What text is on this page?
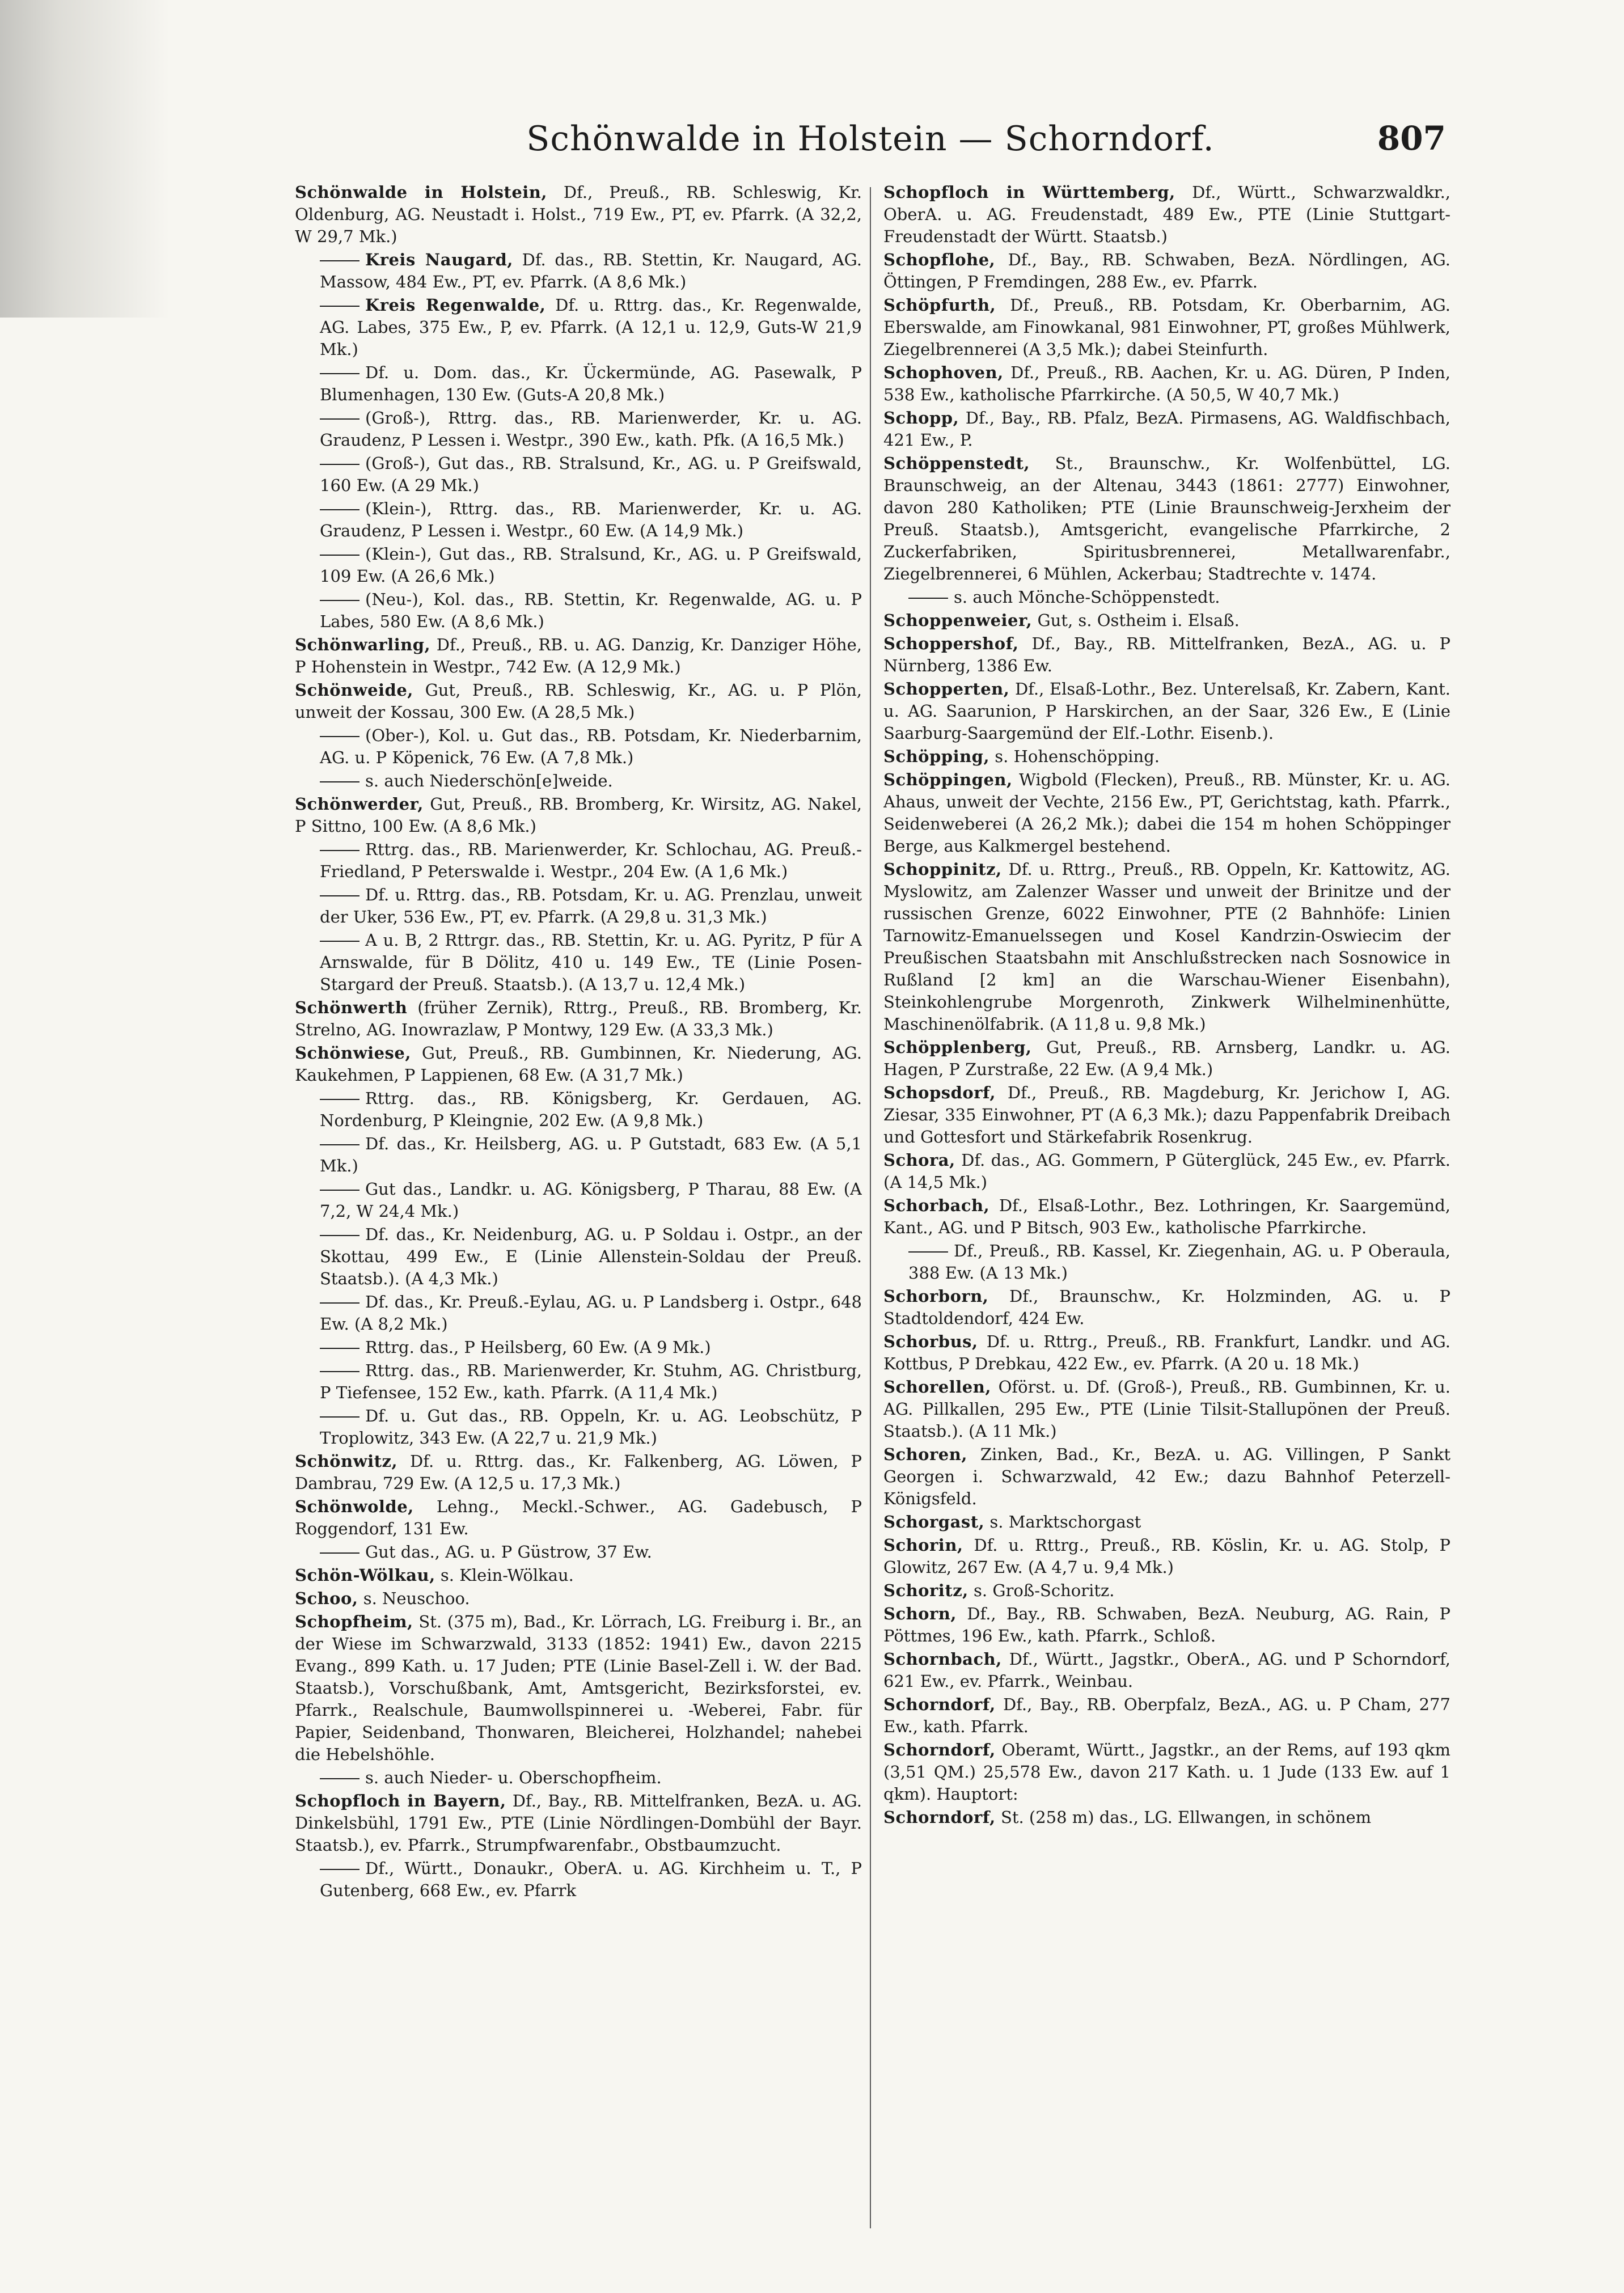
Schönwalde in Holstein — Schorndorf.	807

Schönwalde in Holstein, Df., Preuß., RB. Schleswig, Kr. Oldenburg, AG. Neustadt i. Holst., 719 Ew., PT, ev. Pfarrk. (A 32,2, W 29,7 Mk.)

Kreis Naugard, Df. das., RB. Stettin, Kr. Naugard, AG. Massow, 484 Ew., PT, ev. Pfarrk. (A 8,6 Mk.)

Kreis Regenwalde, Df. u. Rttrg. das., Kr. Regenwalde, AG. Labes, 375 Ew., P, ev. Pfarrk. (A 12,1 u. 12,9, Guts-W 21,9 Mk.)

Df. u. Dom. das., Kr. Ückermünde, AG. Pasewalk, P Blumenhagen, 130 Ew. (Guts-A 20,8 Mk.)

(Groß-), Rttrg. das., RB. Marienwerder, Kr. u. AG. Graudenz, P Lessen i. Westpr., 390 Ew., kath. Pfk. (A 16,5 Mk.)

(Groß-), Gut das., RB. Stralsund, Kr., AG. u. P Greifswald, 160 Ew. (A 29 Mk.)

(Klein-), Rttrg. das., RB. Marienwerder, Kr. u. AG. Graudenz, P Lessen i. Westpr., 60 Ew. (A 14,9 Mk.)

(Klein-), Gut das., RB. Stralsund, Kr., AG. u. P Greifswald, 109 Ew. (A 26,6 Mk.)

(Neu-), Kol. das., RB. Stettin, Kr. Regenwalde, AG. u. P Labes, 580 Ew. (A 8,6 Mk.)

Schönwarling, Df., Preuß., RB. u. AG. Danzig, Kr. Danziger Höhe, P Hohenstein in Westpr., 742 Ew. (A 12,9 Mk.)

Schönweide, Gut, Preuß., RB. Schleswig, Kr., AG. u. P Plön, unweit der Kossau, 300 Ew. (A 28,5 Mk.)

(Ober-), Kol. u. Gut das., RB. Potsdam, Kr. Niederbarnim, AG. u. P Köpenick, 76 Ew. (A 7,8 Mk.)

s. auch Niederschön[e]weide.

Schönwerder, Gut, Preuß., RB. Bromberg, Kr. Wirsitz, AG. Nakel, P Sittno, 100 Ew. (A 8,6 Mk.)

Rttrg. das., RB. Marienwerder, Kr. Schlochau, AG. Preuß.-Friedland, P Peterswalde i. Westpr., 204 Ew. (A 1,6 Mk.)

Df. u. Rttrg. das., RB. Potsdam, Kr. u. AG. Prenzlau, unweit der Uker, 536 Ew., PT, ev. Pfarrk. (A 29,8 u. 31,3 Mk.)

A u. B, 2 Rttrgr. das., RB. Stettin, Kr. u. AG. Pyritz, P für A Arnswalde, für B Dölitz, 410 u. 149 Ew., TE (Linie Posen-Stargard der Preuß. Staatsb.). (A 13,7 u. 12,4 Mk.)

Schönwerth (früher Zernik), Rttrg., Preuß., RB. Bromberg, Kr. Strelno, AG. Inowrazlaw, P Montwy, 129 Ew. (A 33,3 Mk.)

Schönwiese, Gut, Preuß., RB. Gumbinnen, Kr. Niederung, AG. Kaukehmen, P Lappienen, 68 Ew. (A 31,7 Mk.)

Rttrg. das., RB. Königsberg, Kr. Gerdauen, AG. Nordenburg, P Kleingnie, 202 Ew. (A 9,8 Mk.)

Df. das., Kr. Heilsberg, AG. u. P Gutstadt, 683 Ew. (A 5,1 Mk.)

Gut das., Landkr. u. AG. Königsberg, P Tharau, 88 Ew. (A 7,2, W 24,4 Mk.)

Df. das., Kr. Neidenburg, AG. u. P Soldau i. Ostpr., an der Skottau, 499 Ew., E (Linie Allenstein-Soldau der Preuß. Staatsb.). (A 4,3 Mk.)

Df. das., Kr. Preuß.-Eylau, AG. u. P Landsberg i. Ostpr., 648 Ew. (A 8,2 Mk.)

Rttrg. das., P Heilsberg, 60 Ew. (A 9 Mk.)

Rttrg. das., RB. Marienwerder, Kr. Stuhm, AG. Christburg, P Tiefensee, 152 Ew., kath. Pfarrk. (A 11,4 Mk.)

Df. u. Gut das., RB. Oppeln, Kr. u. AG. Leobschütz, P Troplowitz, 343 Ew. (A 22,7 u. 21,9 Mk.)

Schönwitz, Df. u. Rttrg. das., Kr. Falkenberg, AG. Löwen, P Dambrau, 729 Ew. (A 12,5 u. 17,3 Mk.)

Schönwolde, Lehng., Meckl.-Schwer., AG. Gadebusch, P Roggendorf, 131 Ew.

Gut das., AG. u. P Güstrow, 37 Ew.

Schön-Wölkau, s. Klein-Wölkau.

Schoo, s. Neuschoo.

Schopfheim, St. (375 m), Bad., Kr. Lörrach, LG. Freiburg i. Br., an der Wiese im Schwarzwald, 3133 (1852: 1941) Ew., davon 2215 Evang., 899 Kath. u. 17 Juden; PTE (Linie Basel-Zell i. W. der Bad. Staatsb.), Vorschußbank, Amt, Amtsgericht, Bezirksforstei, ev. Pfarrk., Realschule, Baumwollspinnerei u. -Weberei, Fabr. für Papier, Seidenband, Thonwaren, Bleicherei, Holzhandel; nahebei die Hebelshöhle.

s. auch Nieder- u. Oberschopfheim.

Schopfloch in Bayern, Df., Bay., RB. Mittelfranken, BezA. u. AG. Dinkelsbühl, 1791 Ew., PTE (Linie Nördlingen-Dombühl der Bayr. Staatsb.), ev. Pfarrk., Strumpfwarenfabr., Obstbaumzucht.

Df., Württ., Donaukr., OberA. u. AG. Kirchheim u. T., P Gutenberg, 668 Ew., ev. Pfarrk

Schopfloch in Württemberg, Df., Württ., Schwarzwaldkr., OberA. u. AG. Freudenstadt, 489 Ew., PTE (Linie Stuttgart-Freudenstadt der Württ. Staatsb.)

Schopflohe, Df., Bay., RB. Schwaben, BezA. Nördlingen, AG. Öttingen, P Fremdingen, 288 Ew., ev. Pfarrk.

Schöpfurth, Df., Preuß., RB. Potsdam, Kr. Oberbarnim, AG. Eberswalde, am Finowkanal, 981 Einwohner, PT, großes Mühlwerk, Ziegelbrennerei (A 3,5 Mk.); dabei Steinfurth.

Schophoven, Df., Preuß., RB. Aachen, Kr. u. AG. Düren, P Inden, 538 Ew., katholische Pfarrkirche. (A 50,5, W 40,7 Mk.)

Schopp, Df., Bay., RB. Pfalz, BezA. Pirmasens, AG. Waldfischbach, 421 Ew., P.

Schöppenstedt, St., Braunschw., Kr. Wolfenbüttel, LG. Braunschweig, an der Altenau, 3443 (1861: 2777) Einwohner, davon 280 Katholiken; PTE (Linie Braunschweig-Jerxheim der Preuß. Staatsb.), Amtsgericht, evangelische Pfarrkirche, 2 Zuckerfabriken, Spiritusbrennerei, Metallwarenfabr., Ziegelbrennerei, 6 Mühlen, Ackerbau; Stadtrechte v. 1474.

s. auch Mönche-Schöppenstedt.

Schoppenweier, Gut, s. Ostheim i. Elsaß.

Schoppershof, Df., Bay., RB. Mittelfranken, BezA., AG. u. P Nürnberg, 1386 Ew.

Schopperten, Df., Elsaß-Lothr., Bez. Unterelsaß, Kr. Zabern, Kant. u. AG. Saarunion, P Harskirchen, an der Saar, 326 Ew., E (Linie Saarburg-Saargemünd der Elf.-Lothr. Eisenb.).

Schöpping, s. Hohenschöpping.

Schöppingen, Wigbold (Flecken), Preuß., RB. Münster, Kr. u. AG. Ahaus, unweit der Vechte, 2156 Ew., PT, Gerichtstag, kath. Pfarrk., Seidenweberei (A 26,2 Mk.); dabei die 154 m hohen Schöppinger Berge, aus Kalkmergel bestehend.

Schoppinitz, Df. u. Rttrg., Preuß., RB. Oppeln, Kr. Kattowitz, AG. Myslowitz, am Zalenzer Wasser und unweit der Brinitze und der russischen Grenze, 6022 Einwohner, PTE (2 Bahnhöfe: Linien Tarnowitz-Emanuelssegen und Kosel Kandrzin-Oswiecim der Preußischen Staatsbahn mit Anschlußstrecken nach Sosnowice in Rußland [2 km] an die Warschau-Wiener Eisenbahn), Steinkohlengrube Morgenroth, Zinkwerk Wilhelminenhütte, Maschinenölfabrik. (A 11,8 u. 9,8 Mk.)

Schöpplenberg, Gut, Preuß., RB. Arnsberg, Landkr. u. AG. Hagen, P Zurstraße, 22 Ew. (A 9,4 Mk.)

Schopsdorf, Df., Preuß., RB. Magdeburg, Kr. Jerichow I, AG. Ziesar, 335 Einwohner, PT (A 6,3 Mk.); dazu Pappenfabrik Dreibach und Gottesfort und Stärkefabrik Rosenkrug.

Schora, Df. das., AG. Gommern, P Güterglück, 245 Ew., ev. Pfarrk. (A 14,5 Mk.)

Schorbach, Df., Elsaß-Lothr., Bez. Lothringen, Kr. Saargemünd, Kant., AG. und P Bitsch, 903 Ew., katholische Pfarrkirche.

Df., Preuß., RB. Kassel, Kr. Ziegenhain, AG. u. P Oberaula, 388 Ew. (A 13 Mk.)

Schorborn, Df., Braunschw., Kr. Holzminden, AG. u. P Stadtoldendorf, 424 Ew.

Schorbus, Df. u. Rttrg., Preuß., RB. Frankfurt, Landkr. und AG. Kottbus, P Drebkau, 422 Ew., ev. Pfarrk. (A 20 u. 18 Mk.)

Schorellen, Oförst. u. Df. (Groß-), Preuß., RB. Gumbinnen, Kr. u. AG. Pillkallen, 295 Ew., PTE (Linie Tilsit-Stallupönen der Preuß. Staatsb.). (A 11 Mk.)

Schoren, Zinken, Bad., Kr., BezA. u. AG. Villingen, P Sankt Georgen i. Schwarzwald, 42 Ew.; dazu Bahnhof Peterzell-Königsfeld.

Schorgast, s. Marktschorgast

Schorin, Df. u. Rttrg., Preuß., RB. Köslin, Kr. u. AG. Stolp, P Glowitz, 267 Ew. (A 4,7 u. 9,4 Mk.)

Schoritz, s. Groß-Schoritz.

Schorn, Df., Bay., RB. Schwaben, BezA. Neuburg, AG. Rain, P Pöttmes, 196 Ew., kath. Pfarrk., Schloß.

Schornbach, Df., Württ., Jagstkr., OberA., AG. und P Schorndorf, 621 Ew., ev. Pfarrk., Weinbau.

Schorndorf, Df., Bay., RB. Oberpfalz, BezA., AG. u. P Cham, 277 Ew., kath. Pfarrk.

Schorndorf, Oberamt, Württ., Jagstkr., an der Rems, auf 193 qkm (3,51 QM.) 25,578 Ew., davon 217 Kath. u. 1 Jude (133 Ew. auf 1 qkm). Hauptort:

Schorndorf, St. (258 m) das., LG. Ellwangen, in schönem
